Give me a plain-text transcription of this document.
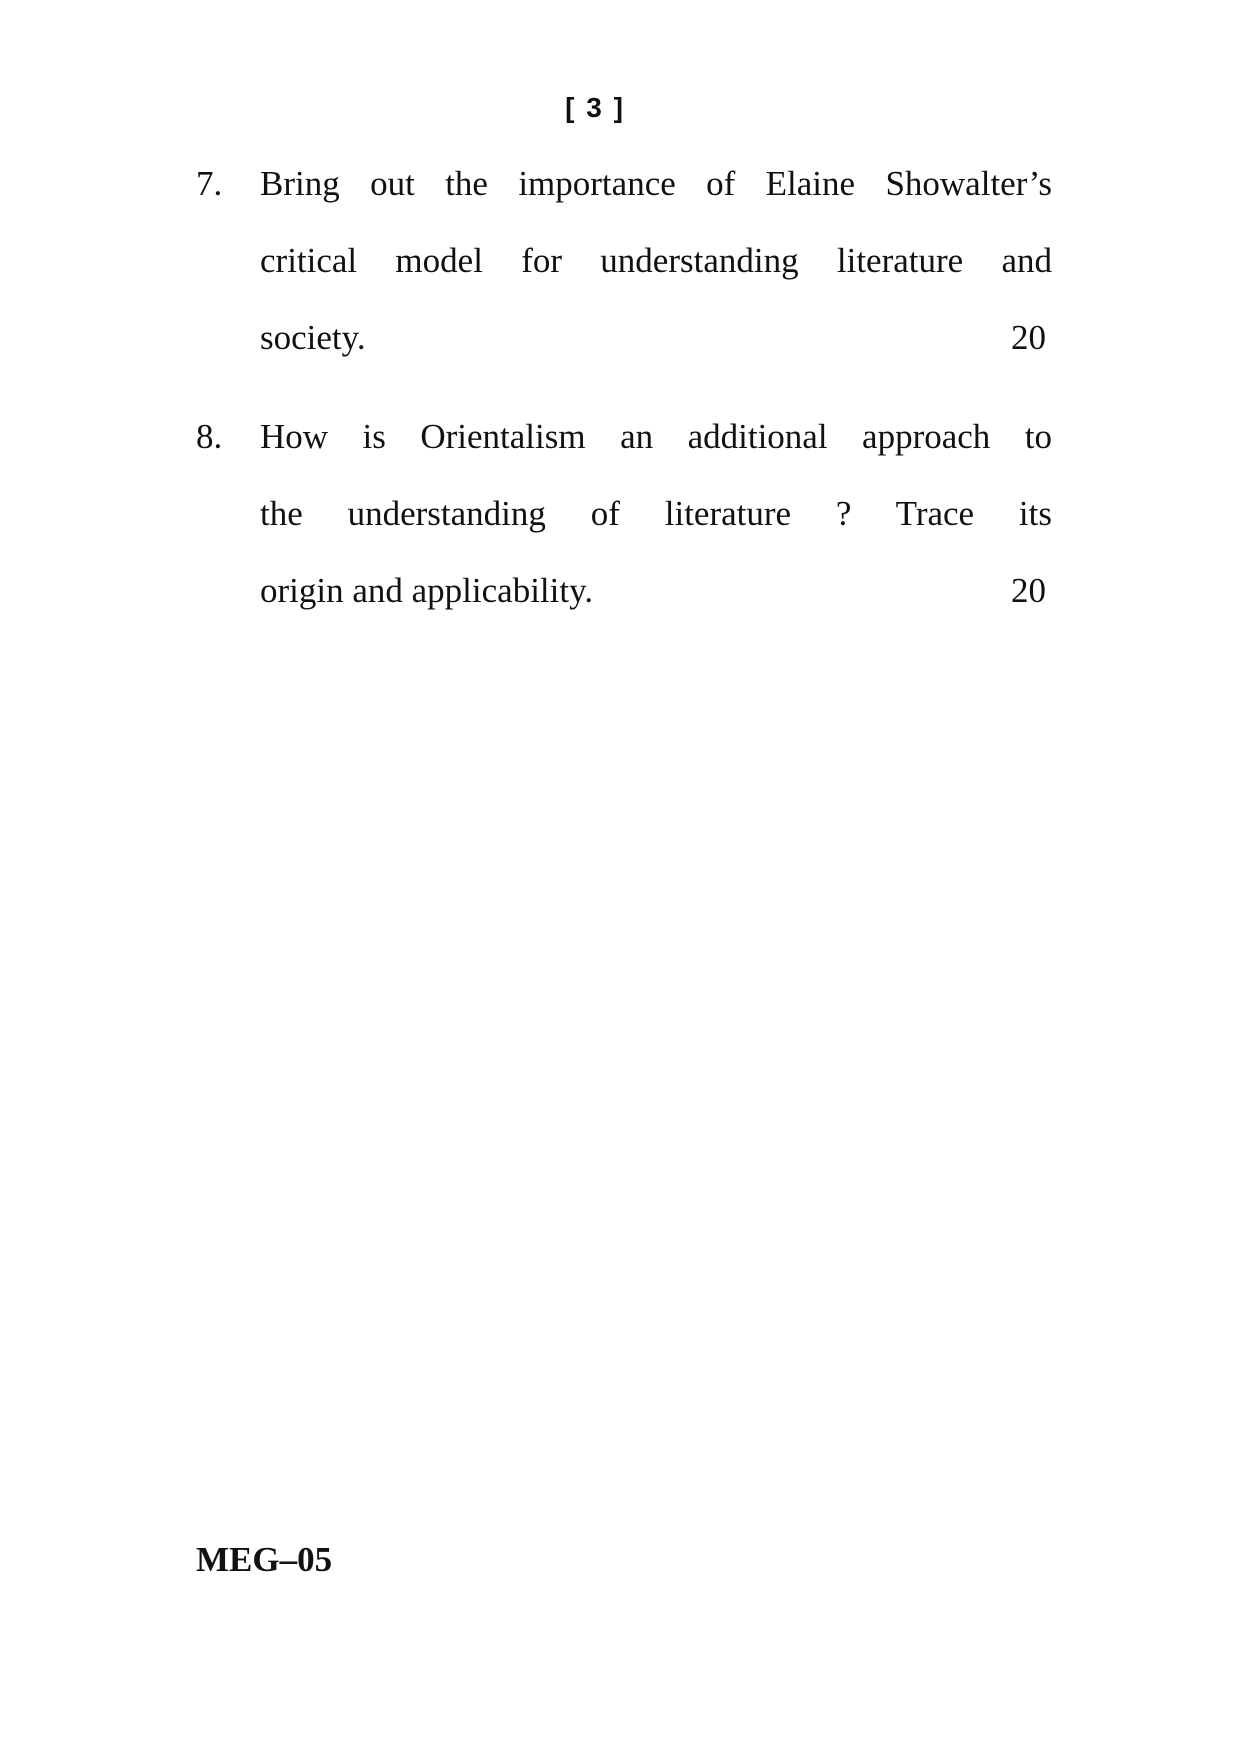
[ 3 ]
7. Bring out the importance of Elaine Showalter’s
critical model for understanding literature and
society.	20
8. How is Orientalism an additional approach to
the understanding of literature ? Trace its
origin and applicability.	20
MEG–05
